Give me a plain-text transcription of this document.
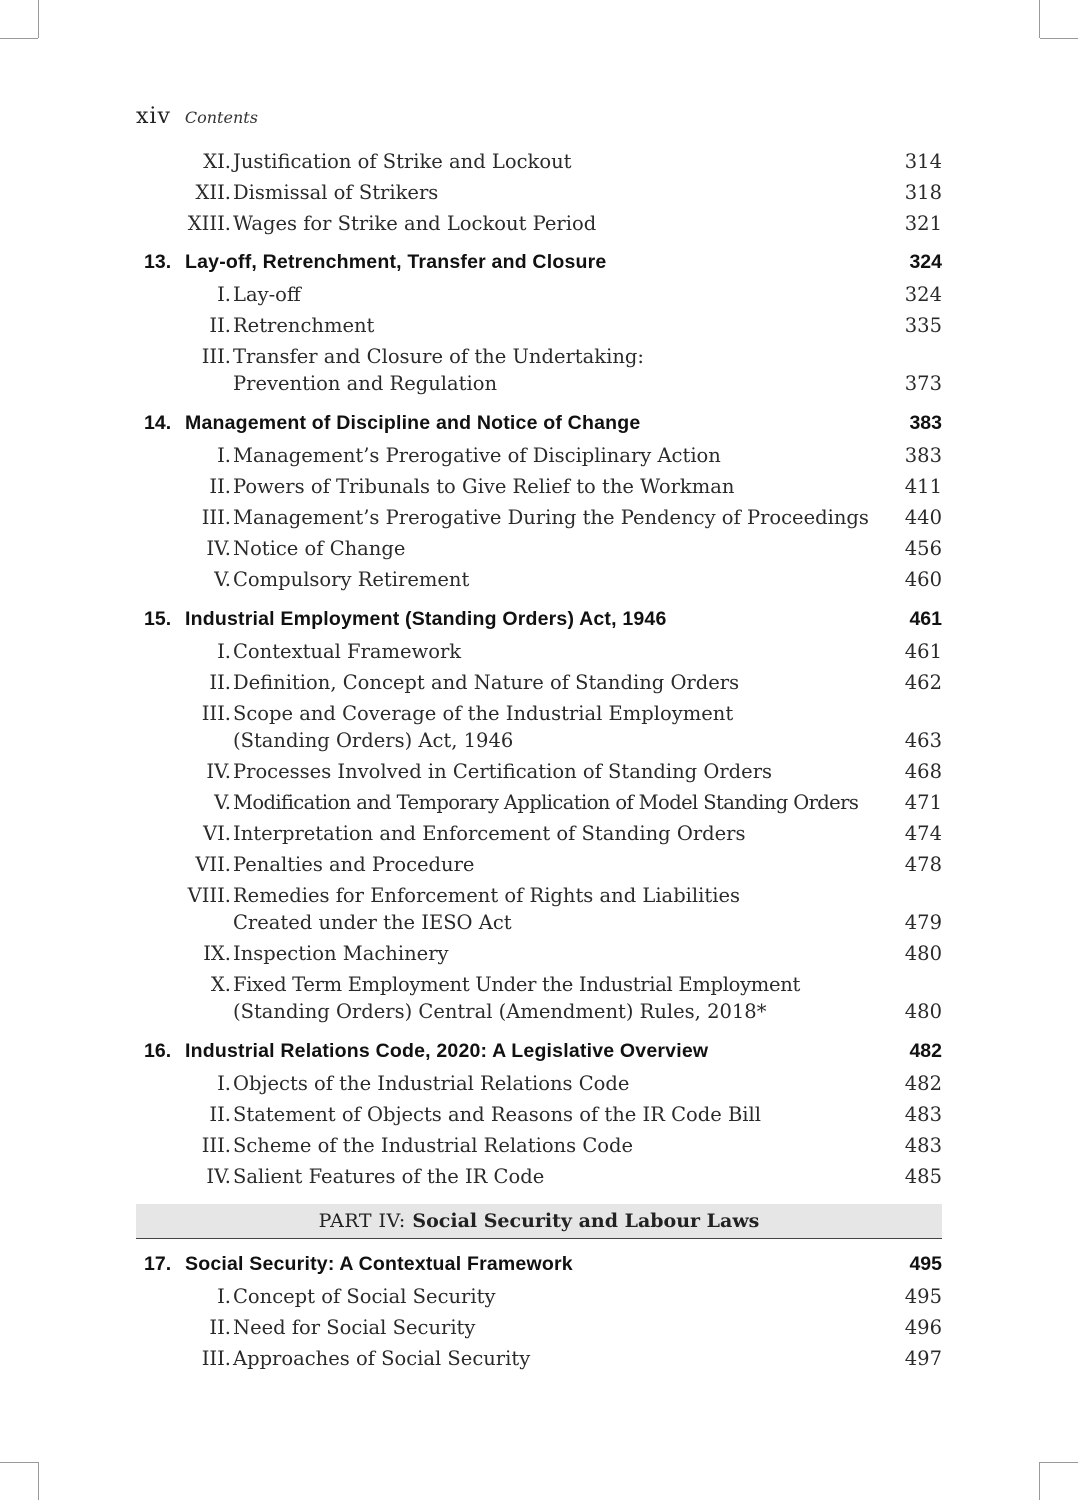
xiv Contents
XI. Justification of Strike and Lockout	314
XII. Dismissal of Strikers	318
XIII. Wages for Strike and Lockout Period	321
13. Lay-off, Retrenchment, Transfer and Closure	324
I. Lay-off	324
II. Retrenchment	335
III. Transfer and Closure of the Undertaking:
Prevention and Regulation	373
14. Management of Discipline and Notice of Change	383
I. Management’s Prerogative of Disciplinary Action	383
II. Powers of Tribunals to Give Relief to the Workman	411
III. Management’s Prerogative During the Pendency of Proceedings 440
IV. Notice of Change	456
V. Compulsory Retirement	460
15. Industrial Employment (Standing Orders) Act, 1946	461
I. Contextual Framework	461
II. Definition, Concept and Nature of Standing Orders	462
III. Scope and Coverage of the Industrial Employment
(Standing Orders) Act, 1946	463
IV. Processes Involved in Certification of Standing Orders	468
V. Modification and Temporary Application of Model Standing Orders 471
VI. Interpretation and Enforcement of Standing Orders	474
VII. Penalties and Procedure	478
VIII. Remedies for Enforcement of Rights and Liabilities
Created under the IESO Act	479
IX. Inspection Machinery	480
X. Fixed Term Employment Under the Industrial Employment
(Standing Orders) Central (Amendment) Rules, 2018*	480
16. Industrial Relations Code, 2020: A Legislative Overview	482
I. Objects of the Industrial Relations Code	482
II. Statement of Objects and Reasons of the IR Code Bill	483
III. Scheme of the Industrial Relations Code	483
IV. Salient Features of the IR Code	485
PART IV: Social Security and Labour Laws
17. Social Security: A Contextual Framework	495
I. Concept of Social Security	495
II. Need for Social Security	496
III. Approaches of Social Security	497
